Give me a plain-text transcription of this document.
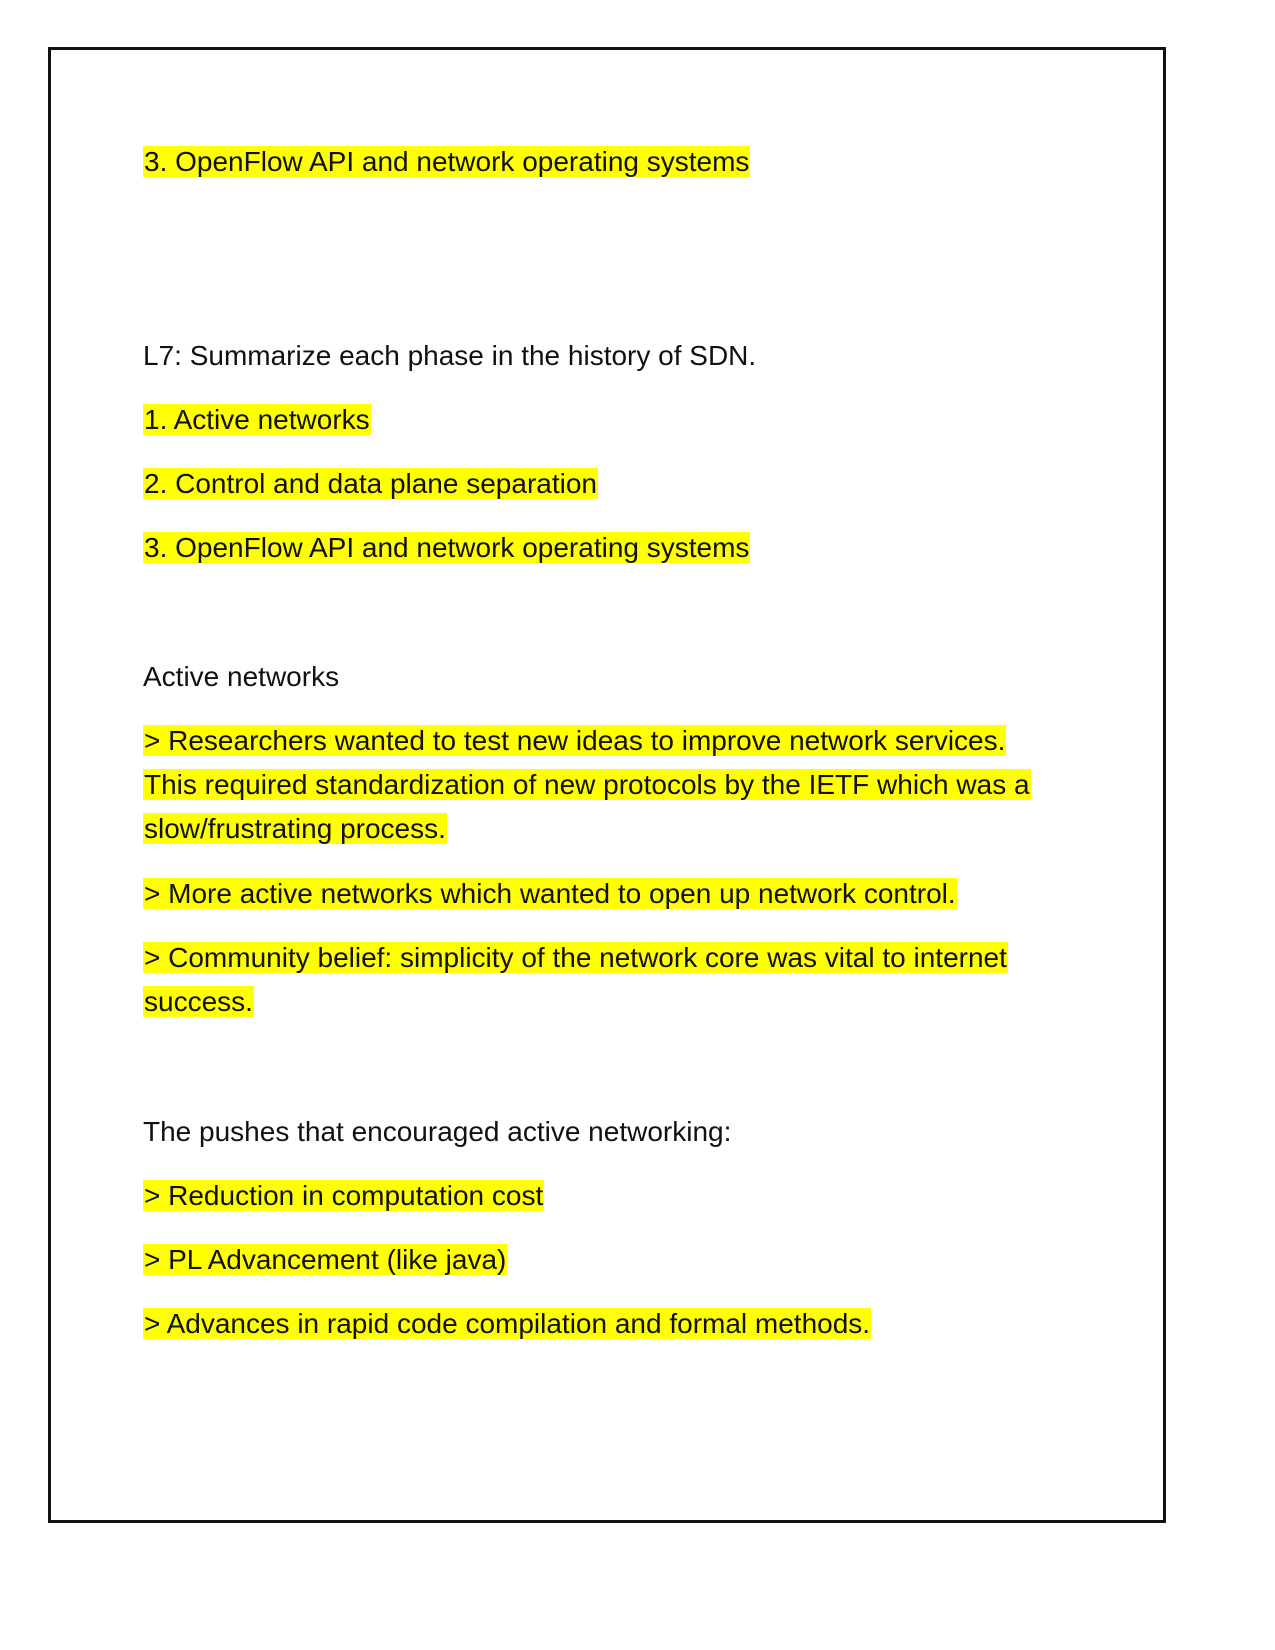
3. OpenFlow API and network operating systems
L7: Summarize each phase in the history of SDN.
1. Active networks
2. Control and data plane separation
3. OpenFlow API and network operating systems
Active networks
> Researchers wanted to test new ideas to improve network services.
This required standardization of new protocols by the IETF which was a
slow/frustrating process.
> More active networks which wanted to open up network control.
> Community belief: simplicity of the network core was vital to internet
success.
The pushes that encouraged active networking:
> Reduction in computation cost
> PL Advancement (like java)
> Advances in rapid code compilation and formal methods.
